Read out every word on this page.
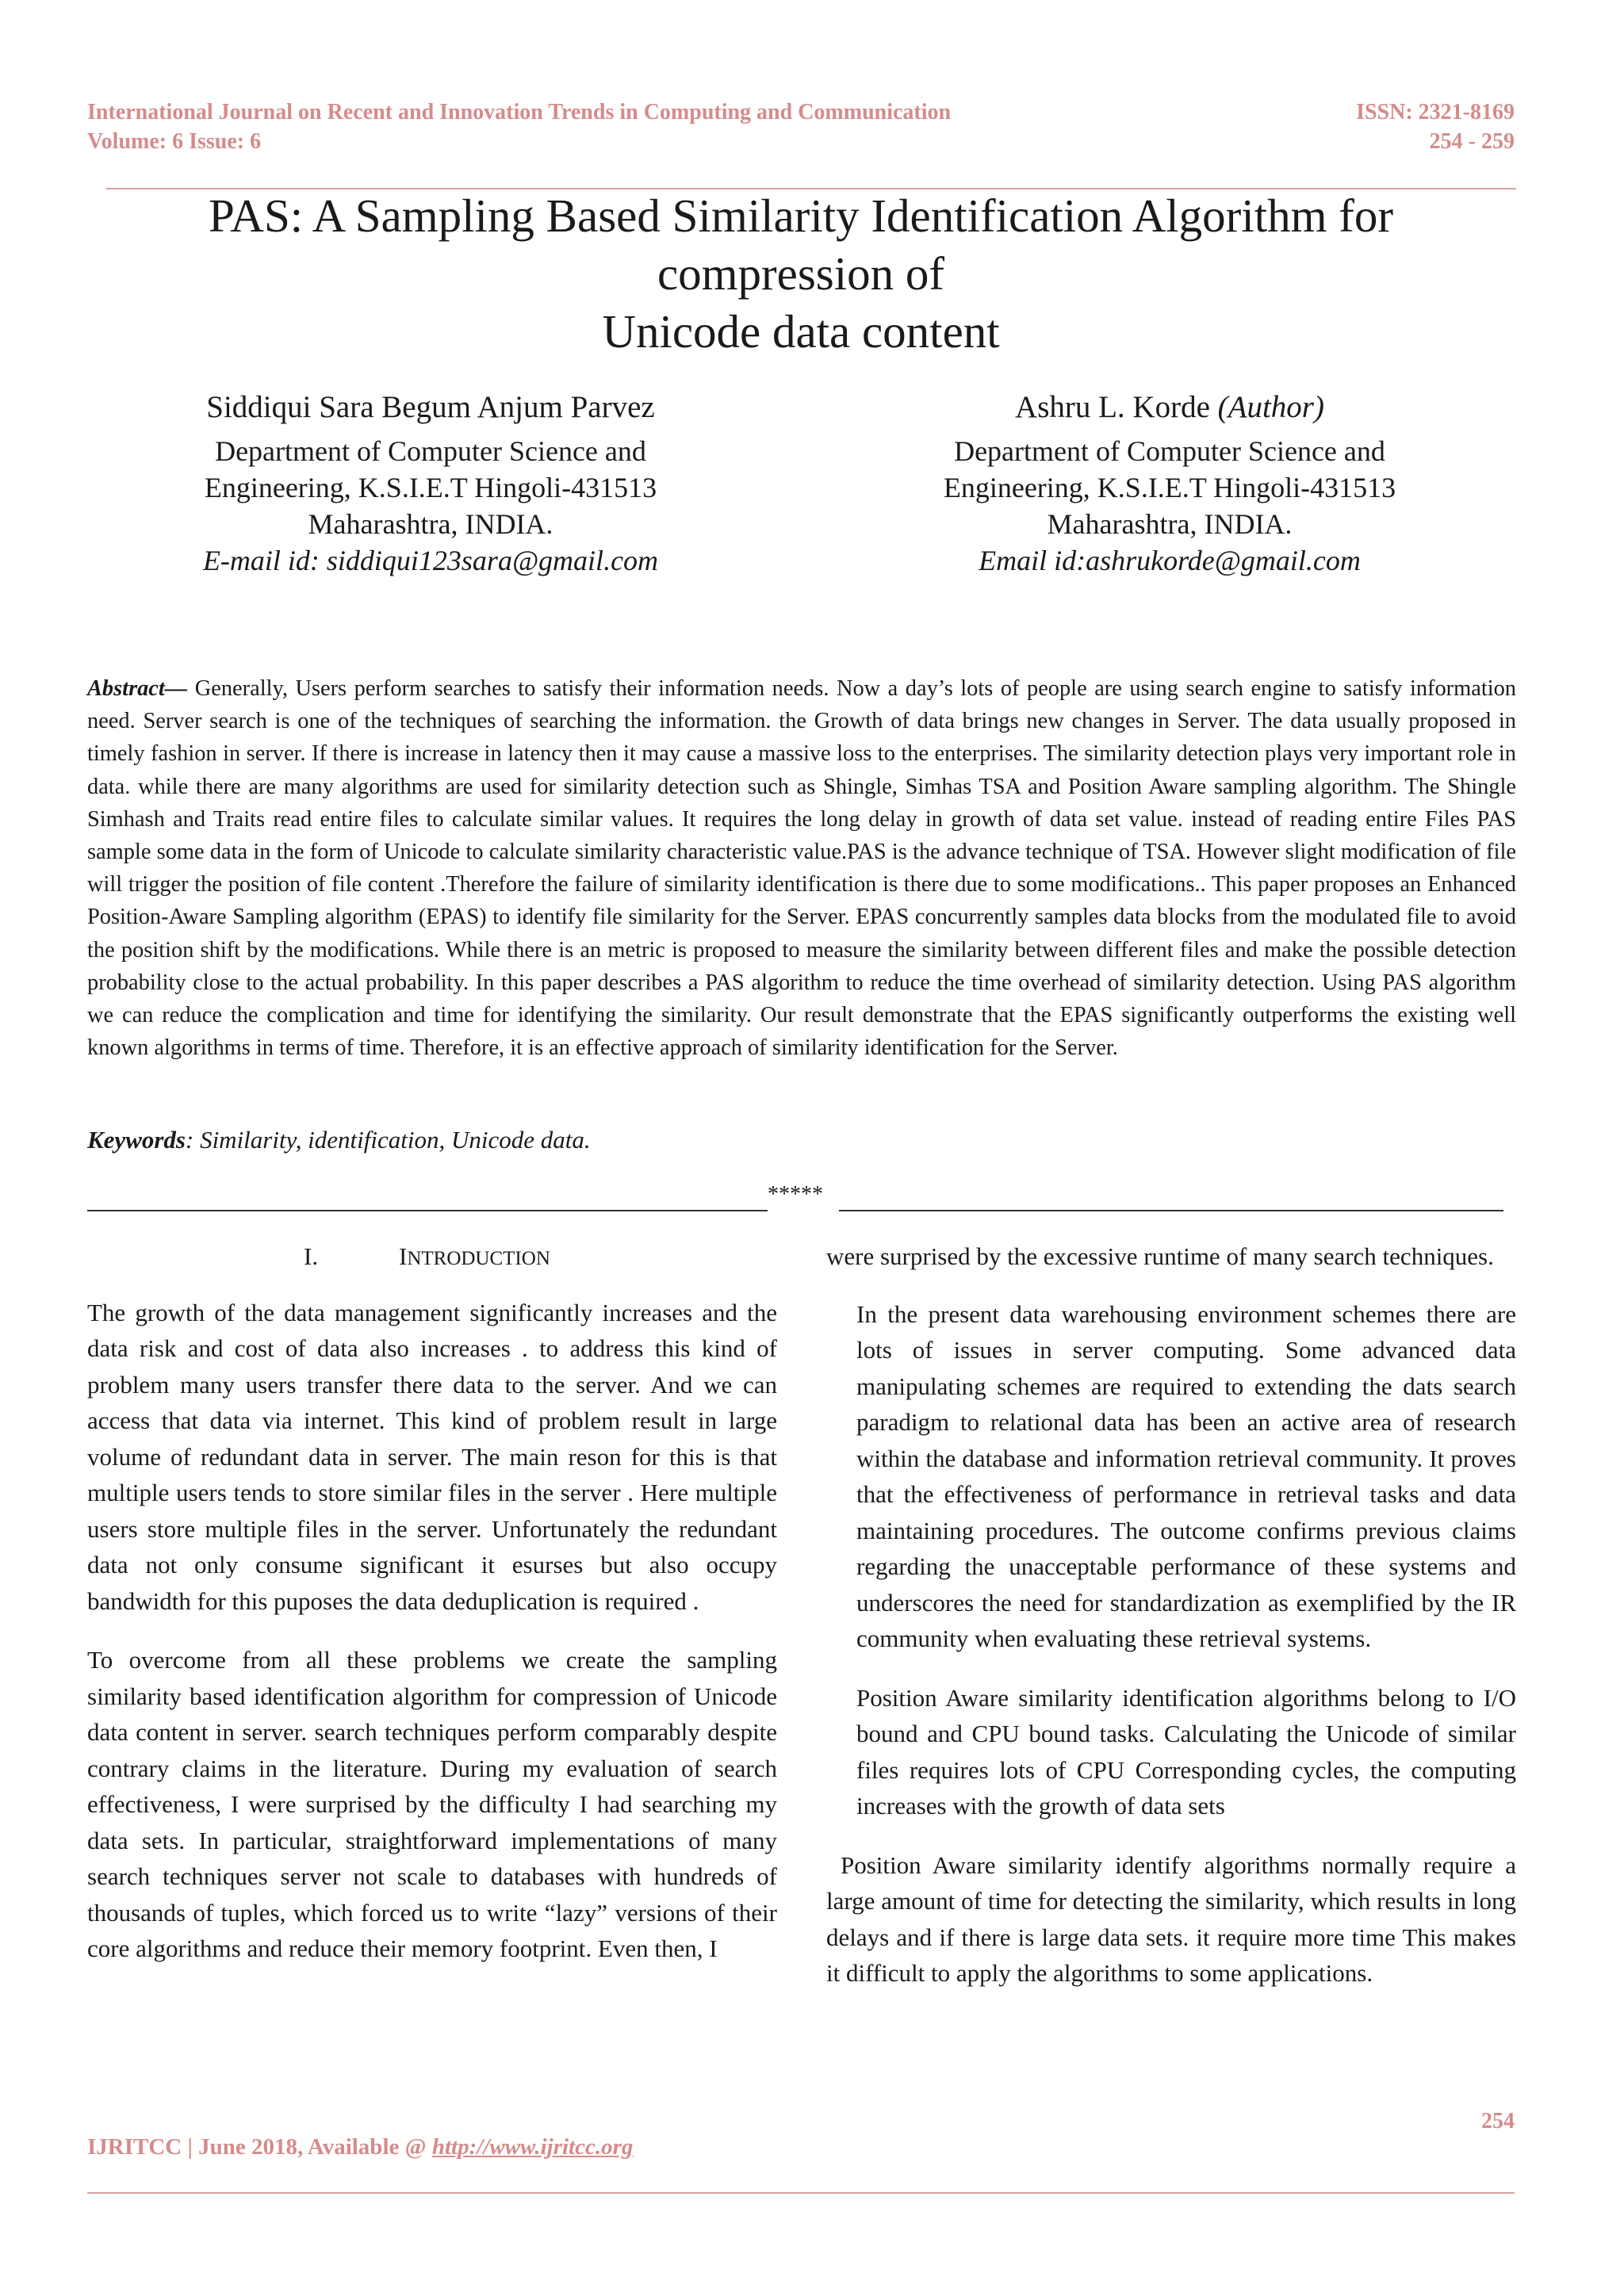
International Journal on Recent and Innovation Trends in Computing and Communication
Volume: 6 Issue: 6
ISSN: 2321-8169
254 - 259
PAS: A Sampling Based Similarity Identification Algorithm for compression of
Unicode data content
Siddiqui Sara Begum Anjum Parvez
Department of Computer Science and
Engineering, K.S.I.E.T Hingoli-431513
Maharashtra, INDIA.
E-mail id: siddiqui123sara@gmail.com
Ashru L. Korde (Author)
Department of Computer Science and
Engineering, K.S.I.E.T Hingoli-431513
Maharashtra, INDIA.
Email id:ashrukorde@gmail.com
Abstract— Generally, Users perform searches to satisfy their information needs. Now a day’s lots of people are using search engine to satisfy information need. Server search is one of the techniques of searching the information. the Growth of data brings new changes in Server. The data usually proposed in timely fashion in server. If there is increase in latency then it may cause a massive loss to the enterprises. The similarity detection plays very important role in data. while there are many algorithms are used for similarity detection such as Shingle, Simhas TSA and Position Aware sampling algorithm. The Shingle Simhash and Traits read entire files to calculate similar values. It requires the long delay in growth of data set value. instead of reading entire Files PAS sample some data in the form of Unicode to calculate similarity characteristic value.PAS is the advance technique of TSA. However slight modification of file will trigger the position of file content .Therefore the failure of similarity identification is there due to some modifications.. This paper proposes an Enhanced Position-Aware Sampling algorithm (EPAS) to identify file similarity for the Server. EPAS concurrently samples data blocks from the modulated file to avoid the position shift by the modifications. While there is an metric is proposed to measure the similarity between different files and make the possible detection probability close to the actual probability. In this paper describes a PAS algorithm to reduce the time overhead of similarity detection. Using PAS algorithm we can reduce the complication and time for identifying the similarity. Our result demonstrate that the EPAS significantly outperforms the existing well known algorithms in terms of time. Therefore, it is an effective approach of similarity identification for the Server.
Keywords: Similarity, identification, Unicode data.
*****
I.	INTRODUCTION

The growth of the data management significantly increases and the data risk and cost of data also increases . to address this kind of problem many users transfer there data to the server. And we can access that data via internet. This kind of problem result in large volume of redundant data in server. The main reson for this is that multiple users tends to store similar files in the server . Here multiple users store multiple files in the server. Unfortunately the redundant data not only consume significant it esurses but also occupy bandwidth for this puposes the data deduplication is required .

To overcome from all these problems we create the sampling similarity based identification algorithm for compression of Unicode data content in server. search techniques perform comparably despite contrary claims in the literature. During my evaluation of search effectiveness, I were surprised by the difficulty I had searching my data sets. In particular, straightforward implementations of many search techniques server not scale to databases with hundreds of thousands of tuples, which forced us to write “lazy” versions of their core algorithms and reduce their memory footprint. Even then, I

were surprised by the excessive runtime of many search techniques.

In the present data warehousing environment schemes there are lots of issues in server computing. Some advanced data manipulating schemes are required to extending the dats search paradigm to relational data has been an active area of research within the database and information retrieval community. It proves that the effectiveness of performance in retrieval tasks and data maintaining procedures. The outcome confirms previous claims regarding the unacceptable performance of these systems and underscores the need for standardization as exemplified by the IR community when evaluating these retrieval systems.

Position Aware similarity identification algorithms belong to I/O bound and CPU bound tasks. Calculating the Unicode of similar files requires lots of CPU Corresponding cycles, the computing increases with the growth of data sets

Position Aware similarity identify algorithms normally require a large amount of time for detecting the similarity, which results in long delays and if there is large data sets. it require more time This makes it difficult to apply the algorithms to some applications.

254
IJRITCC | June 2018, Available @ http://www.ijritcc.org
